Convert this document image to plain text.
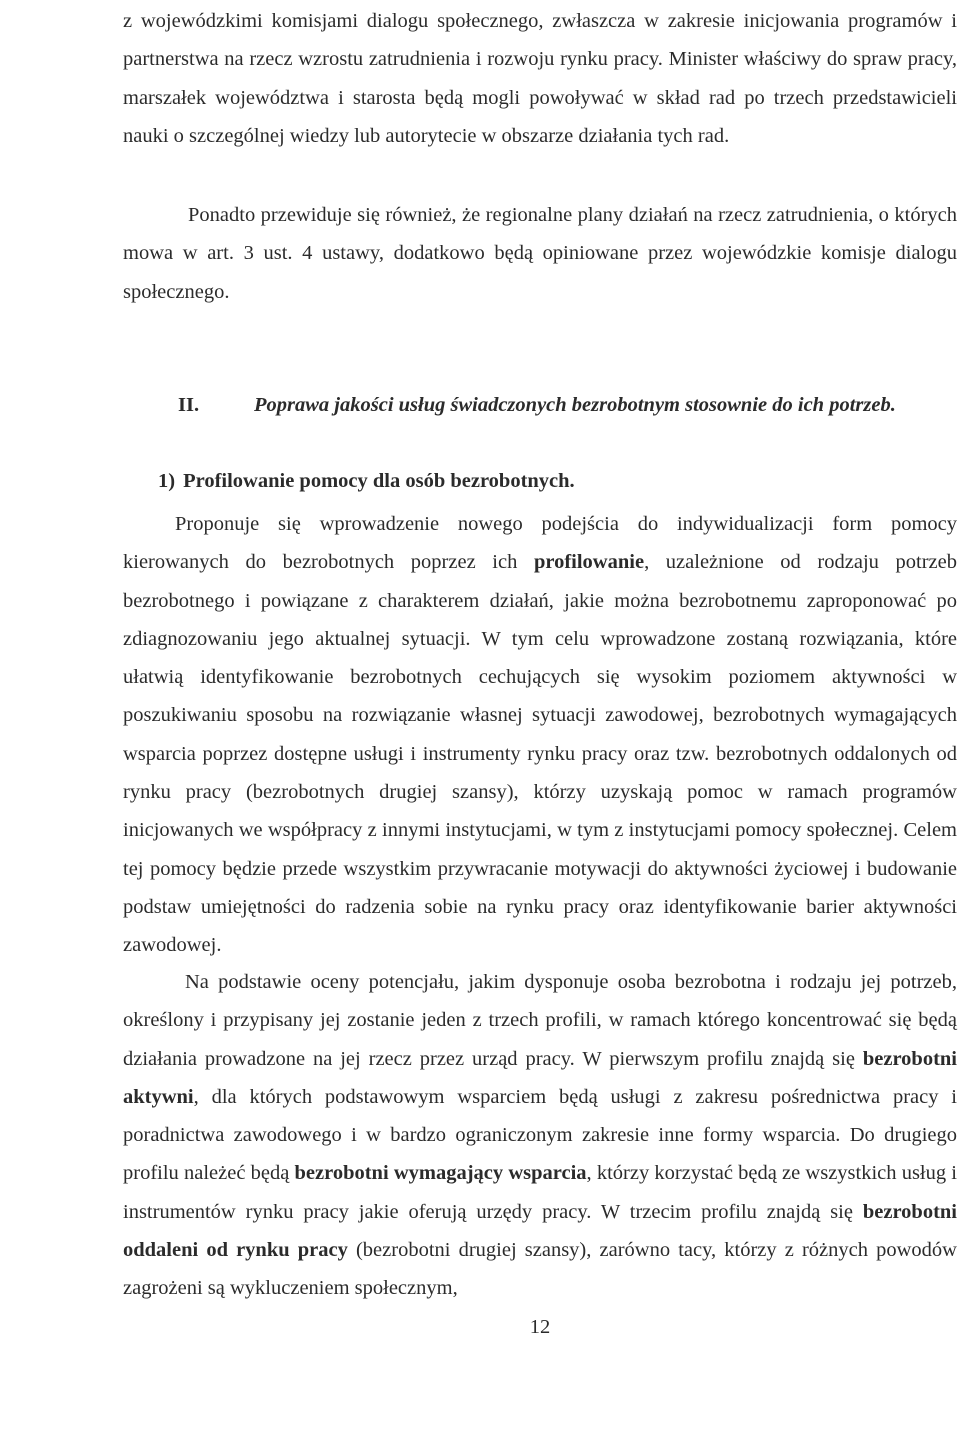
z wojewódzkimi komisjami dialogu społecznego, zwłaszcza w zakresie inicjowania programów i partnerstwa na rzecz wzrostu zatrudnienia i rozwoju rynku pracy. Minister właściwy do spraw pracy, marszałek województwa i starosta będą mogli powoływać w skład rad po trzech przedstawicieli nauki o szczególnej wiedzy lub autorytecie w obszarze działania tych rad.

Ponadto przewiduje się również, że regionalne plany działań na rzecz zatrudnienia, o których mowa w art. 3 ust. 4 ustawy, dodatkowo będą opiniowane przez wojewódzkie komisje dialogu społecznego.

II.	Poprawa jakości usług świadczonych bezrobotnym stosownie do ich potrzeb.
1) Profilowanie pomocy dla osób bezrobotnych.

Proponuje się wprowadzenie nowego podejścia do indywidualizacji form pomocy kierowanych do bezrobotnych poprzez ich profilowanie, uzależnione od rodzaju potrzeb bezrobotnego i powiązane z charakterem działań, jakie można bezrobotnemu zaproponować po zdiagnozowaniu jego aktualnej sytuacji. W tym celu wprowadzone zostaną rozwiązania, które ułatwią identyfikowanie bezrobotnych cechujących się wysokim poziomem aktywności w poszukiwaniu sposobu na rozwiązanie własnej sytuacji zawodowej, bezrobotnych wymagających wsparcia poprzez dostępne usługi i instrumenty rynku pracy oraz tzw. bezrobotnych oddalonych od rynku pracy (bezrobotnych drugiej szansy), którzy uzyskają pomoc w ramach programów inicjowanych we współpracy z innymi instytucjami, w tym z instytucjami pomocy społecznej. Celem tej pomocy będzie przede wszystkim przywracanie motywacji do aktywności życiowej i budowanie podstaw umiejętności do radzenia sobie na rynku pracy oraz identyfikowanie barier aktywności zawodowej.

Na podstawie oceny potencjału, jakim dysponuje osoba bezrobotna i rodzaju jej potrzeb, określony i przypisany jej zostanie jeden z trzech profili, w ramach którego koncentrować się będą działania prowadzone na jej rzecz przez urząd pracy. W pierwszym profilu znajdą się bezrobotni aktywni, dla których podstawowym wsparciem będą usługi z zakresu pośrednictwa pracy i poradnictwa zawodowego i w bardzo ograniczonym zakresie inne formy wsparcia. Do drugiego profilu należeć będą bezrobotni wymagający wsparcia, którzy korzystać będą ze wszystkich usług i instrumentów rynku pracy jakie oferują urzędy pracy. W trzecim profilu znajdą się bezrobotni oddaleni od rynku pracy (bezrobotni drugiej szansy), zarówno tacy, którzy z różnych powodów zagrożeni są wykluczeniem społecznym,

12
